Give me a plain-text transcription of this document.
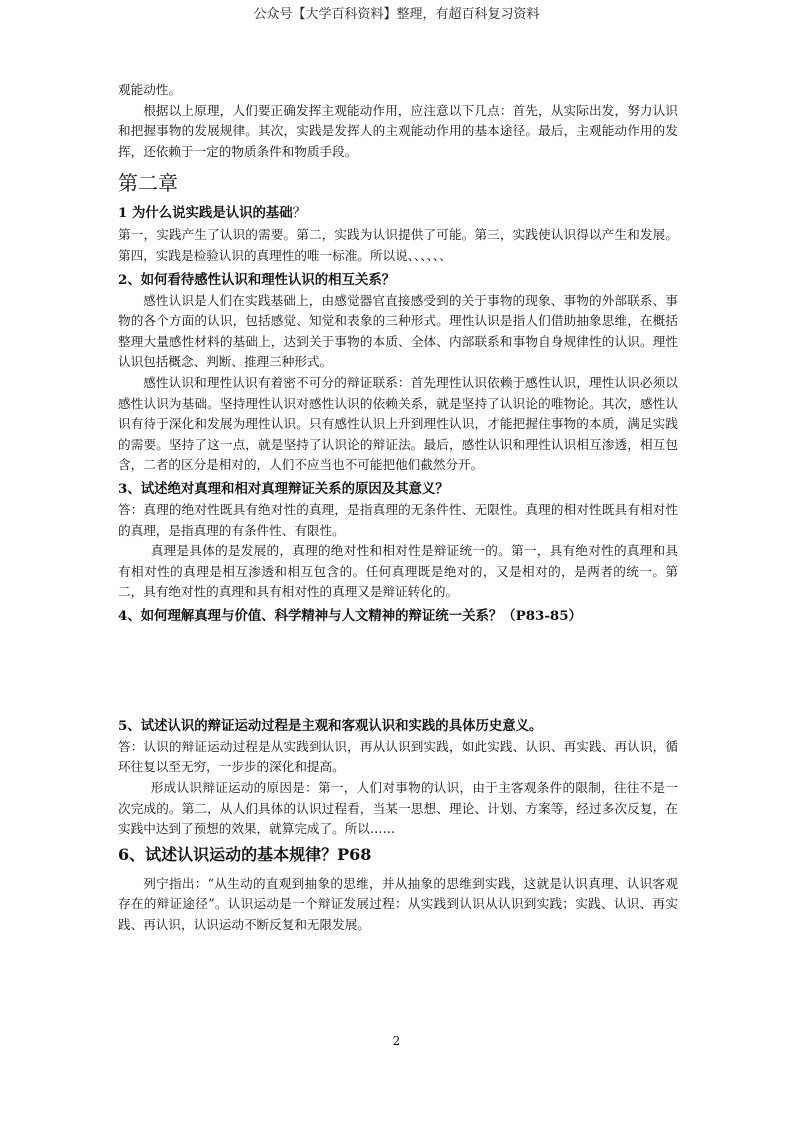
公众号【大学百科资料】整理，有超百科复习资料

观能动性。

根据以上原理，人们要正确发挥主观能动作用，应注意以下几点：首先，从实际出发，努力认识和把握事物的发展规律。其次，实践是发挥人的主观能动作用的基本途径。最后，主观能动作用的发挥，还依赖于一定的物质条件和物质手段。

第二章
1 为什么说实践是认识的基础？

第一，实践产生了认识的需要。第二，实践为认识提供了可能。第三，实践使认识得以产生和发展。第四，实践是检验认识的真理性的唯一标准。所以说、、、、、、

2、如何看待感性认识和理性认识的相互关系？

感性认识是人们在实践基础上，由感觉器官直接感受到的关于事物的现象、事物的外部联系、事物的各个方面的认识，包括感觉、知觉和表象的三种形式。理性认识是指人们借助抽象思维，在概括整理大量感性材料的基础上，达到关于事物的本质、全体、内部联系和事物自身规律性的认识。理性认识包括概念、判断、推理三种形式。

感性认识和理性认识有着密不可分的辩证联系：首先理性认识依赖于感性认识，理性认识必须以感性认识为基础。坚持理性认识对感性认识的依赖关系，就是坚持了认识论的唯物论。其次，感性认识有待于深化和发展为理性认识。只有感性认识上升到理性认识，才能把握住事物的本质，满足实践的需要。坚持了这一点，就是坚持了认识论的辩证法。最后，感性认识和理性认识相互渗透，相互包含，二者的区分是相对的，人们不应当也不可能把他们截然分开。

3、试述绝对真理和相对真理辩证关系的原因及其意义？

答：真理的绝对性既具有绝对性的真理，是指真理的无条件性、无限性。真理的相对性既具有相对性的真理，是指真理的有条件性、有限性。

真理是具体的是发展的，真理的绝对性和相对性是辩证统一的。第一，具有绝对性的真理和具有相对性的真理是相互渗透和相互包含的。任何真理既是绝对的，又是相对的，是两者的统一。第二，具有绝对性的真理和具有相对性的真理又是辩证转化的。

4、如何理解真理与价值、科学精神与人文精神的辩证统一关系？（P83-85）
5、试述认识的辩证运动过程是主观和客观认识和实践的具体历史意义。

答：认识的辩证运动过程是从实践到认识，再从认识到实践，如此实践、认识、再实践、再认识，循环往复以至无穷，一步步的深化和提高。

形成认识辩证运动的原因是：第一，人们对事物的认识，由于主客观条件的限制，往往不是一次完成的。第二，从人们具体的认识过程看，当某一思想、理论、计划、方案等，经过多次反复，在实践中达到了预想的效果，就算完成了。所以……

6、试述认识运动的基本规律？P68

列宁指出：“从生动的直观到抽象的思维，并从抽象的思维到实践，这就是认识真理、认识客观存在的辩证途径”。认识运动是一个辩证发展过程：从实践到认识从认识到实践；实践、认识、再实践、再认识，认识运动不断反复和无限发展。

2
